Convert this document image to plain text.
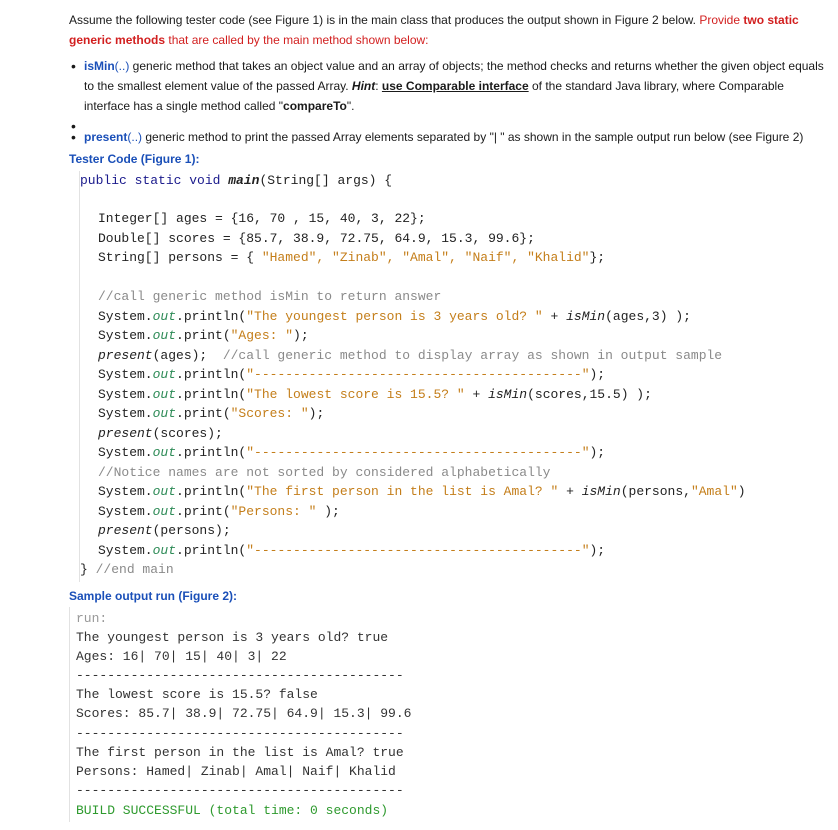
Assume the following tester code (see Figure 1) is in the main class that produces the output shown in Figure 2 below. Provide two static generic methods that are called by the main method shown below:

• isMin(..) generic method that takes an object value and an array of objects; the method checks and returns whether the given object equals to the smallest element value of the passed Array. Hint: use Comparable interface of the standard Java library, where Comparable interface has a single method called "compareTo".
•
• present(..) generic method to print the passed Array elements separated by "| " as shown in the sample output run below (see Figure 2)
Tester Code (Figure 1):
public static void main(String[] args) {
Integer[] ages = {16, 70 , 15, 40, 3, 22};
Double[] scores = {85.7, 38.9, 72.75, 64.9, 15.3, 99.6};
String[] persons = { "Hamed", "Zinab", "Amal", "Naif", "Khalid"};
//call generic method isMin to return answer
System.out.println("The youngest person is 3 years old? " + isMin(ages,3) );
System.out.print("Ages: ");
present(ages);  //call generic method to display array as shown in output sample
System.out.println("------------------------------------------");
System.out.println("The lowest score is 15.5? " + isMin(scores,15.5) );
System.out.print("Scores: ");
present(scores);
System.out.println("------------------------------------------");
//Notice names are not sorted by considered alphabetically
System.out.println("The first person in the list is Amal? " + isMin(persons,"Amal")
System.out.print("Persons: " );
present(persons);
System.out.println("------------------------------------------");
} //end main
Sample output run (Figure 2):
run:
The youngest person is 3 years old? true
Ages: 16| 70| 15| 40| 3| 22
------------------------------------------
The lowest score is 15.5? false
Scores: 85.7| 38.9| 72.75| 64.9| 15.3| 99.6
------------------------------------------
The first person in the list is Amal? true
Persons: Hamed| Zinab| Amal| Naif| Khalid
------------------------------------------
BUILD SUCCESSFUL (total time: 0 seconds)
